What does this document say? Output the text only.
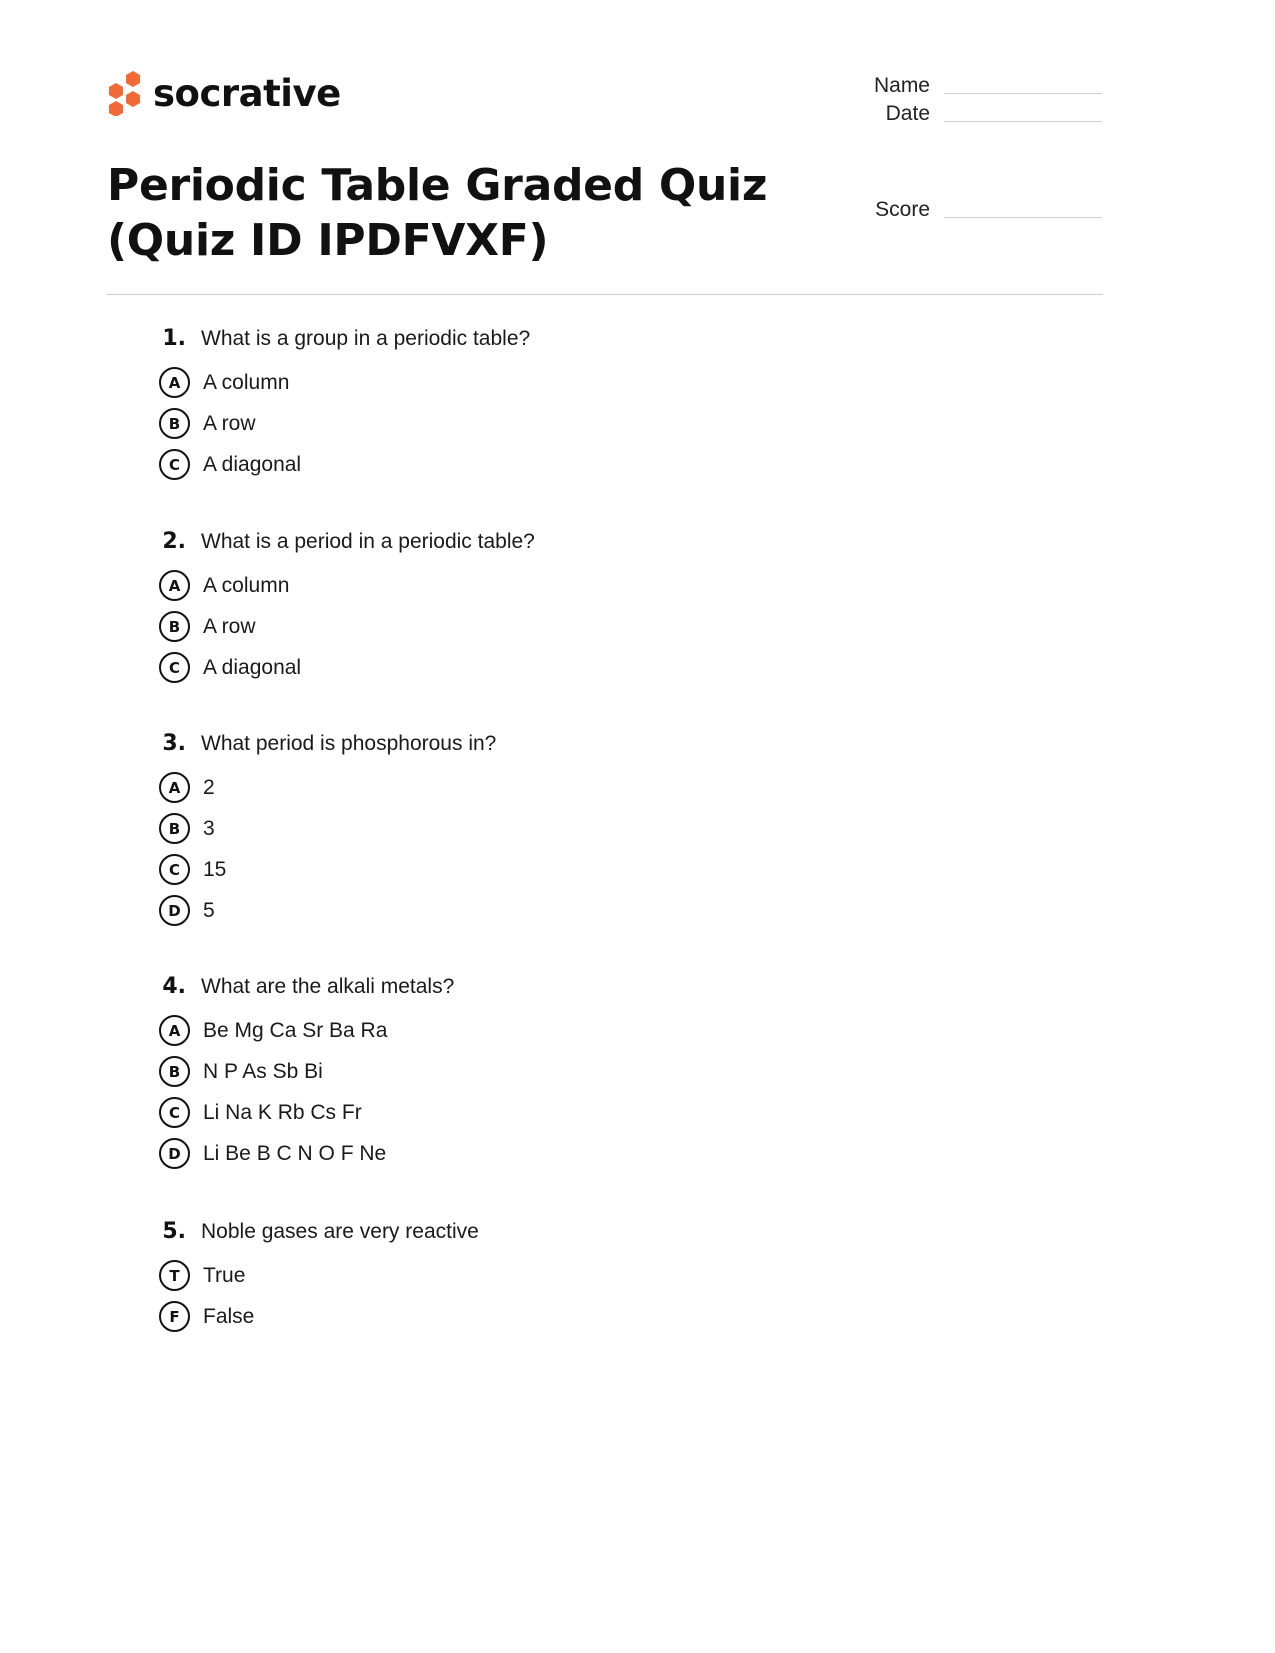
socrative	Name
Date
Score
Periodic Table Graded Quiz (Quiz ID IPDFVXF)
1. What is a group in a periodic table?
A	A column
B	A row
C	A diagonal
2. What is a period in a periodic table?
A	A column
B	A row
C	A diagonal
3. What period is phosphorous in?
A	2
B	3
C	15
D	5
4. What are the alkali metals?
A	Be Mg Ca Sr Ba Ra
B	N P As Sb Bi
C	Li Na K Rb Cs Fr
D	Li Be B C N O F Ne
5. Noble gases are very reactive
T	True
F	False
